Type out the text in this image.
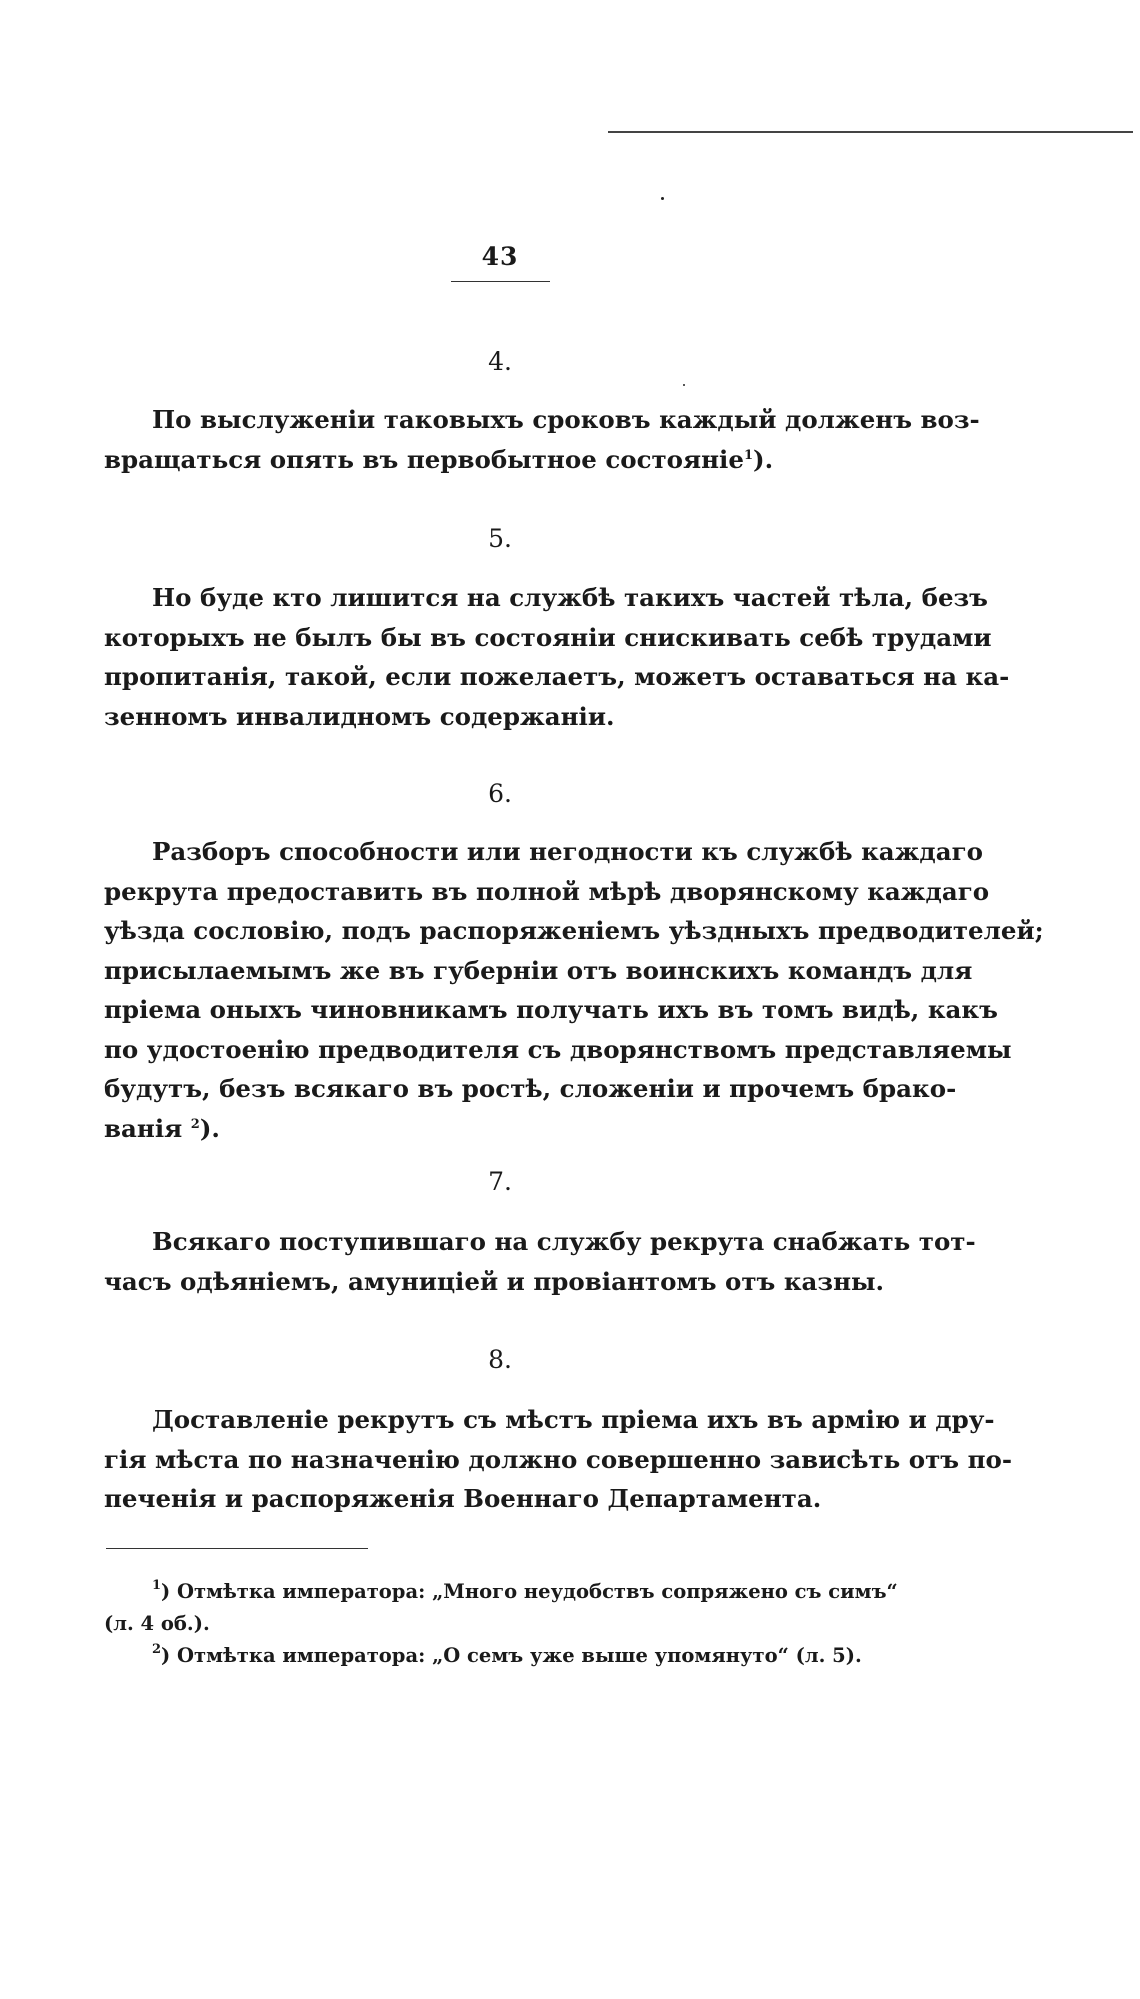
43
4.
По выслуженіи таковыхъ сроковъ каждый долженъ воз-
вращаться опять въ первобытное состояніе$^1$).
5.
Но буде кто лишится на службѣ такихъ частей тѣла, безъ
которыхъ не былъ бы въ состояніи снискивать себѣ трудами
пропитанія, такой, если пожелаетъ, можетъ оставаться на ка-
зенномъ инвалидномъ содержаніи.
6.
Разборъ способности или негодности къ службѣ каждаго
рекрута предоставить въ полной мѣрѣ дворянскому каждаго
уѣзда сословію, подъ распоряженіемъ уѣздныхъ предводителей;
присылаемымъ же въ губерніи отъ воинскихъ командъ для
пріема оныхъ чиновникамъ получать ихъ въ томъ видѣ, какъ
по удостоенію предводителя съ дворянствомъ представляемы
будутъ, безъ всякаго въ ростѣ, сложеніи и прочемъ брако-
ванія $^2$).
7.
Всякаго поступившаго на службу рекрута снабжать тот-
часъ одѣяніемъ, амуниціей и провіантомъ отъ казны.
8.
Доставленіе рекрутъ съ мѣстъ пріема ихъ въ армію и дру-
гія мѣста по назначенію должно совершенно зависѣть отъ по-
печенія и распоряженія Военнаго Департамента.
$^1$) Отмѣтка императора: „Много неудобствъ сопряжено съ симъ“
(л. 4 об.).
$^2$) Отмѣтка императора: „О семъ уже выше упомянуто“ (л. 5).
